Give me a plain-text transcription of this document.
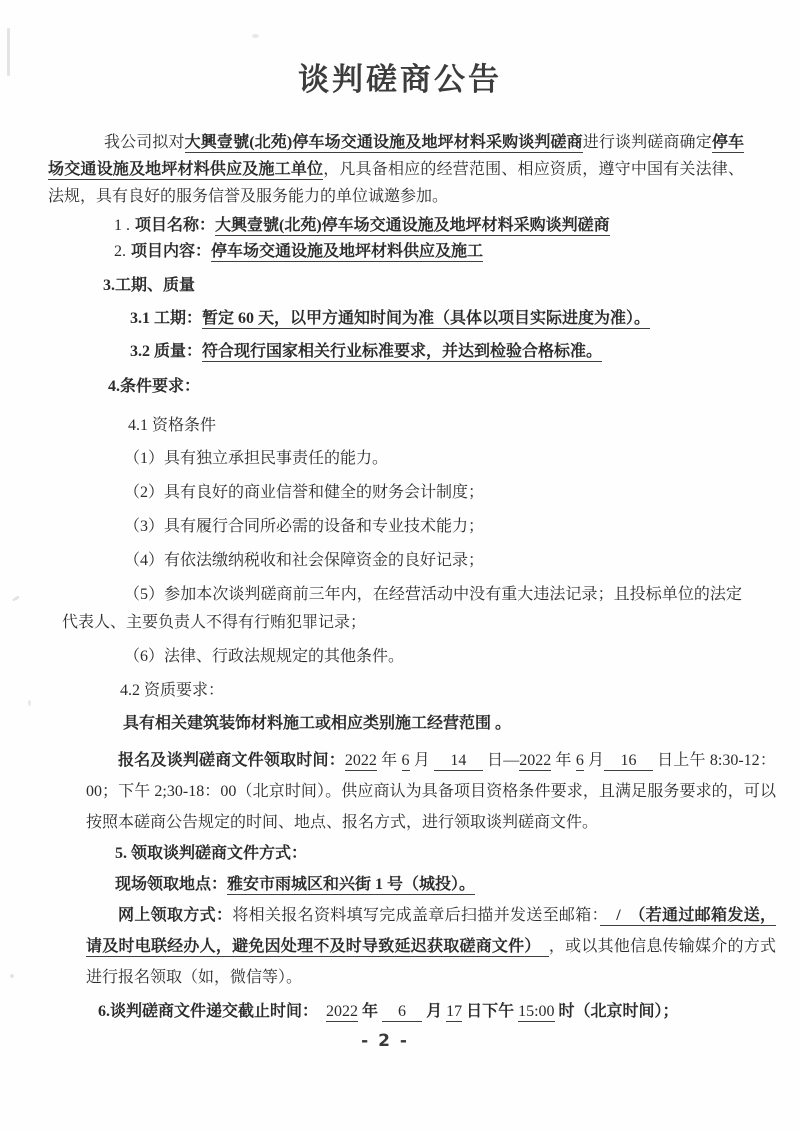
谈判磋商公告

我公司拟对大興壹號(北苑)停车场交通设施及地坪材料采购谈判磋商进行谈判磋商确定停车场交通设施及地坪材料供应及施工单位，凡具备相应的经营范围、相应资质，遵守中国有关法律、法规，具有良好的服务信誉及服务能力的单位诚邀参加。

1 . 项目名称：大興壹號(北苑)停车场交通设施及地坪材料采购谈判磋商

2. 项目内容：停车场交通设施及地坪材料供应及施工

3.工期、质量

3.1 工期：暂定 60 天，以甲方通知时间为准（具体以项目实际进度为准）。

3.2 质量：符合现行国家相关行业标准要求，并达到检验合格标准。

4.条件要求：

4.1 资格条件

（1）具有独立承担民事责任的能力。

（2）具有良好的商业信誉和健全的财务会计制度；

（3）具有履行合同所必需的设备和专业技术能力；

（4）有依法缴纳税收和社会保障资金的良好记录；

（5）参加本次谈判磋商前三年内，在经营活动中没有重大违法记录；且投标单位的法定代表人、主要负责人不得有行贿犯罪记录；

（6）法律、行政法规规定的其他条件。

4.2 资质要求：

具有相关建筑装饰材料施工或相应类别施工经营范围 。

报名及谈判磋商文件领取时间：2022 年 6 月 　14　 日—2022 年 6 月　16　 日上午 8:30-12：00；下午 2;30-18：00（北京时间）。供应商认为具备项目资格条件要求，且满足服务要求的，可以按照本磋商公告规定的时间、地点、报名方式，进行领取谈判磋商文件。

5. 领取谈判磋商文件方式：

现场领取地点：雅安市雨城区和兴街 1 号（城投）。

网上领取方式：将相关报名资料填写完成盖章后扫描并发送至邮箱：　/　（若通过邮箱发送，请及时电联经办人，避免因处理不及时导致延迟获取磋商文件）　，或以其他信息传输媒介的方式进行报名领取（如，微信等）。

6.谈判磋商文件递交截止时间：　 2022 年 　6　 月 17 日下午 15:00 时（北京时间）；

- 2 -
